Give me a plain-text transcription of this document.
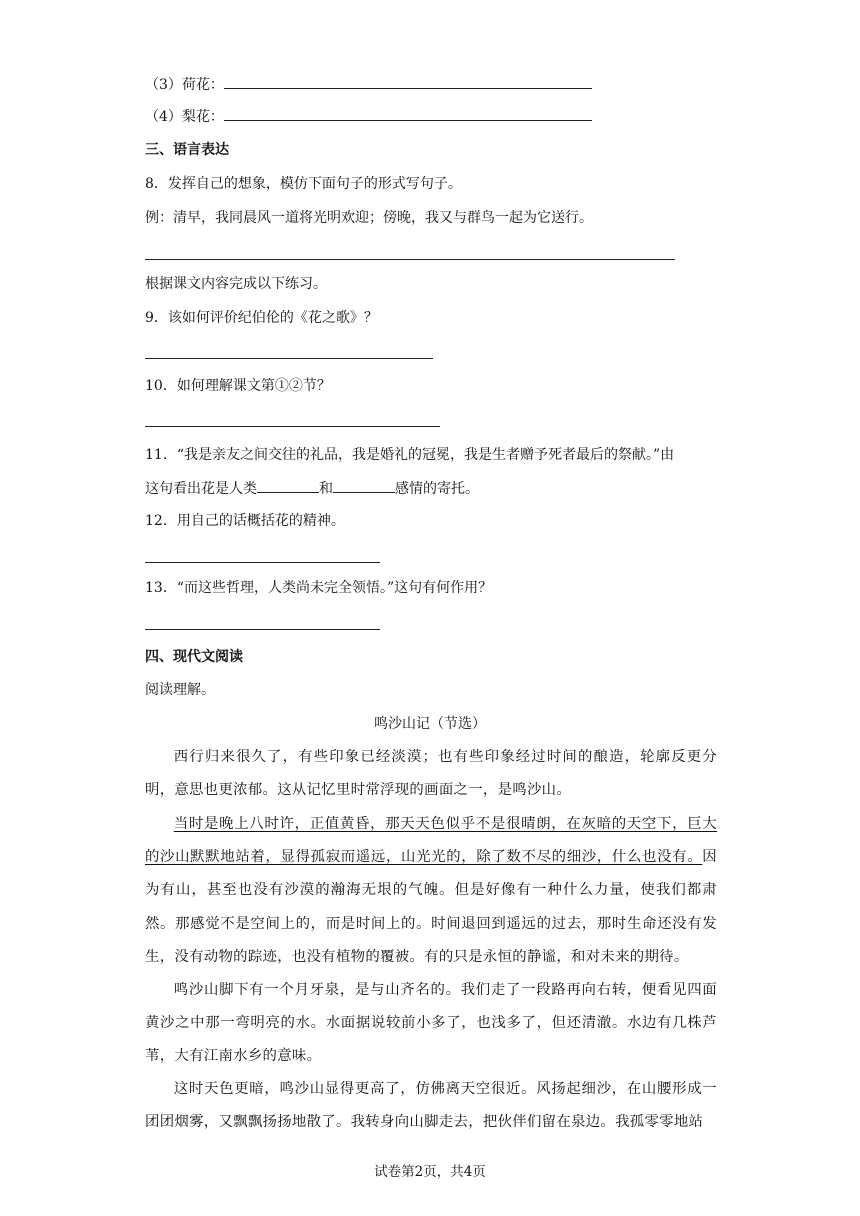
（3）荷花：
（4）梨花：
三、语言表达
8．发挥自己的想象，模仿下面句子的形式写句子。
例：清早，我同晨风一道将光明欢迎；傍晚，我又与群鸟一起为它送行。
根据课文内容完成以下练习。
9．该如何评价纪伯伦的《花之歌》？
10．如何理解课文第①②节？
11．“我是亲友之间交往的礼品，我是婚礼的冠冕，我是生者赠予死者最后的祭献。”由
这句看出花是人类	和	感情的寄托。
12．用自己的话概括花的精神。
13．“而这些哲理，人类尚未完全领悟。”这句有何作用？
四、现代文阅读
阅读理解。
鸣沙山记（节选）
西行归来很久了，有些印象已经淡漠；也有些印象经过时间的酿造，轮廓反更分明，意思也更浓郁。这从记忆里时常浮现的画面之一，是鸣沙山。
当时是晚上八时许，正值黄昏，那天天色似乎不是很晴朗，在灰暗的天空下，巨大的沙山默默地站着，显得孤寂而遥远，山光光的，除了数不尽的细沙，什么也没有。因为有山，甚至也没有沙漠的瀚海无垠的气魄。但是好像有一种什么力量，使我们都肃然。那感觉不是空间上的，而是时间上的。时间退回到遥远的过去，那时生命还没有发生，没有动物的踪迹，也没有植物的覆被。有的只是永恒的静谧，和对未来的期待。
鸣沙山脚下有一个月牙泉，是与山齐名的。我们走了一段路再向右转，便看见四面黄沙之中那一弯明亮的水。水面据说较前小多了，也浅多了，但还清澈。水边有几株芦苇，大有江南水乡的意味。
这时天色更暗，鸣沙山显得更高了，仿佛离天空很近。风扬起细沙，在山腰形成一团团烟雾，又飘飘扬扬地散了。我转身向山脚走去，把伙伴们留在泉边。我孤零零地站
试卷第2页，共4页
